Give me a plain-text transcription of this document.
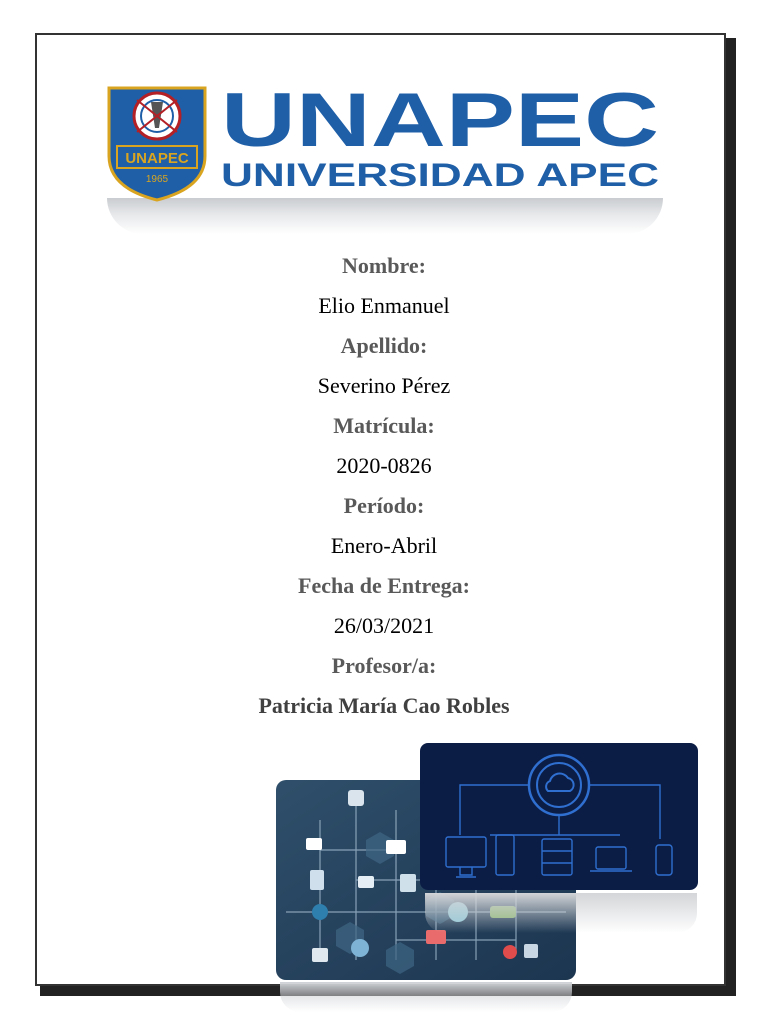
UNAPEC
1965
UNAPEC
UNIVERSIDAD APEC
Nombre:
Elio Enmanuel
Apellido:
Severino Pérez
Matrícula:
2020-0826
Período:
Enero-Abril
Fecha de Entrega:
26/03/2021
Profesor/a:
Patricia María Cao Robles
